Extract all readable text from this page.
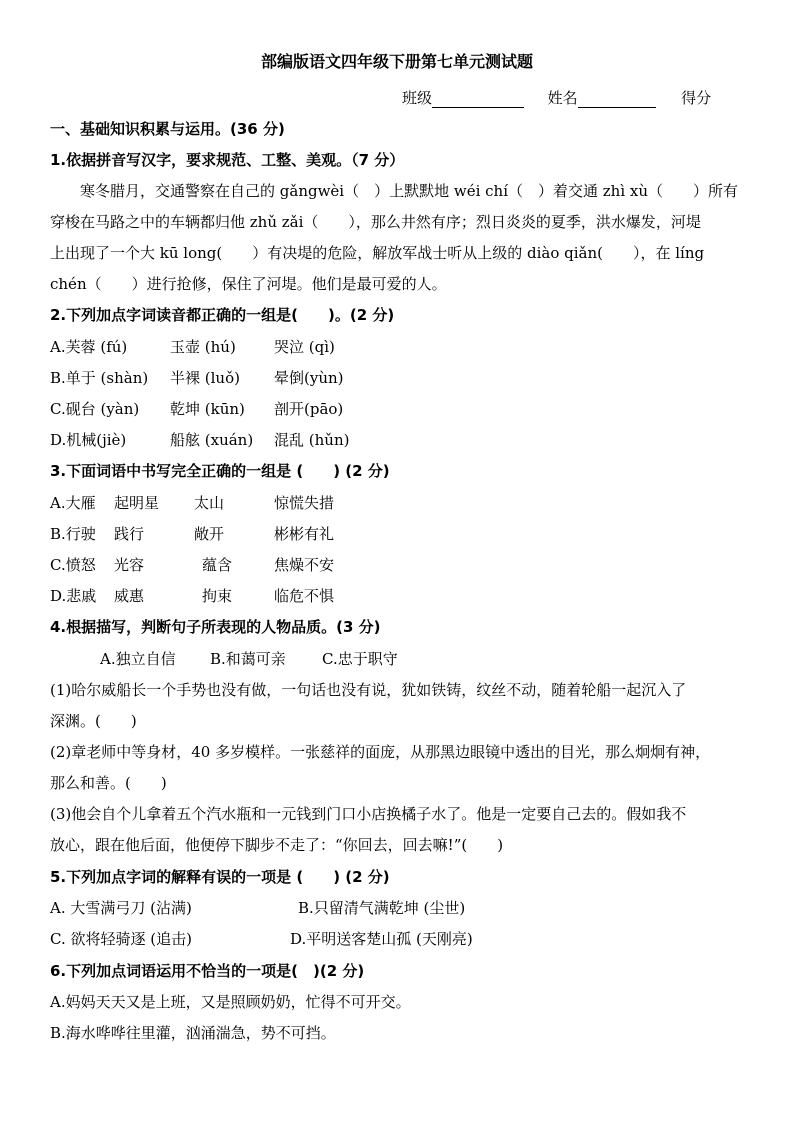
部编版语文四年级下册第七单元测试题
班级	姓名	得分
一、基础知识积累与运用。(36 分)
1.依据拼音写汉字，要求规范、工整、美观。（7 分）
寒冬腊月，交通警察在自己的 gǎngwèi（　）上默默地 wéi chí（　）着交通 zhì xù（　　）所有
穿梭在马路之中的车辆都归他 zhǔ zǎi（　　），那么井然有序；烈日炎炎的夏季，洪水爆发，河堤
上出现了一个大 kū long(　　）有决堤的危险，解放军战士听从上级的 diào qiǎn(　　），在 líng
chén（　　）进行抢修，保住了河堤。他们是最可爱的人。
2.下列加点字词读音都正确的一组是(　　)。(2 分)
A.芙蓉 (fú)	玉壶 (hú)	哭泣 (qì)
B.单于 (shàn) 半裸 (luǒ) 晕倒(yùn)
C.砚台 (yàn) 乾坤 (kūn) 剖开(pāo)
D.机械(jiè)	船舷 (xuán) 混乱 (hǔn)
3.下面词语中书写完全正确的一组是 (　　) (2 分)
A.大雁 起明星 太山	惊慌失措
B.行驶 践行	敞开	彬彬有礼
C.愤怒 光容	蕴含	焦燥不安
D.悲戚 威惠	拘束	临危不惧
4.根据描写，判断句子所表现的人物品质。(3 分)
A.独立自信 B.和蔼可亲 C.忠于职守
(1)哈尔威船长一个手势也没有做，一句话也没有说，犹如铁铸，纹丝不动，随着轮船一起沉入了
深渊。(　　)
(2)章老师中等身材，40 多岁模样。一张慈祥的面庞，从那黑边眼镜中透出的目光，那么炯炯有神，
那么和善。(　　)
(3)他会自个儿拿着五个汽水瓶和一元钱到门口小店换橘子水了。他是一定要自己去的。假如我不
放心，跟在他后面，他便停下脚步不走了：“你回去，回去嘛!”(　　)
5.下列加点字词的解释有误的一项是 (　　) (2 分)
A. 大雪满弓刀 (沾满)	B.只留清气满乾坤 (尘世)
C. 欲将轻骑逐 (追击)	D.平明送客楚山孤 (天刚亮)
6.下列加点词语运用不恰当的一项是(　)(2 分)
A.妈妈天天又是上班，又是照顾奶奶，忙得不可开交。
B.海水哗哗往里灌，汹涌湍急，势不可挡。
